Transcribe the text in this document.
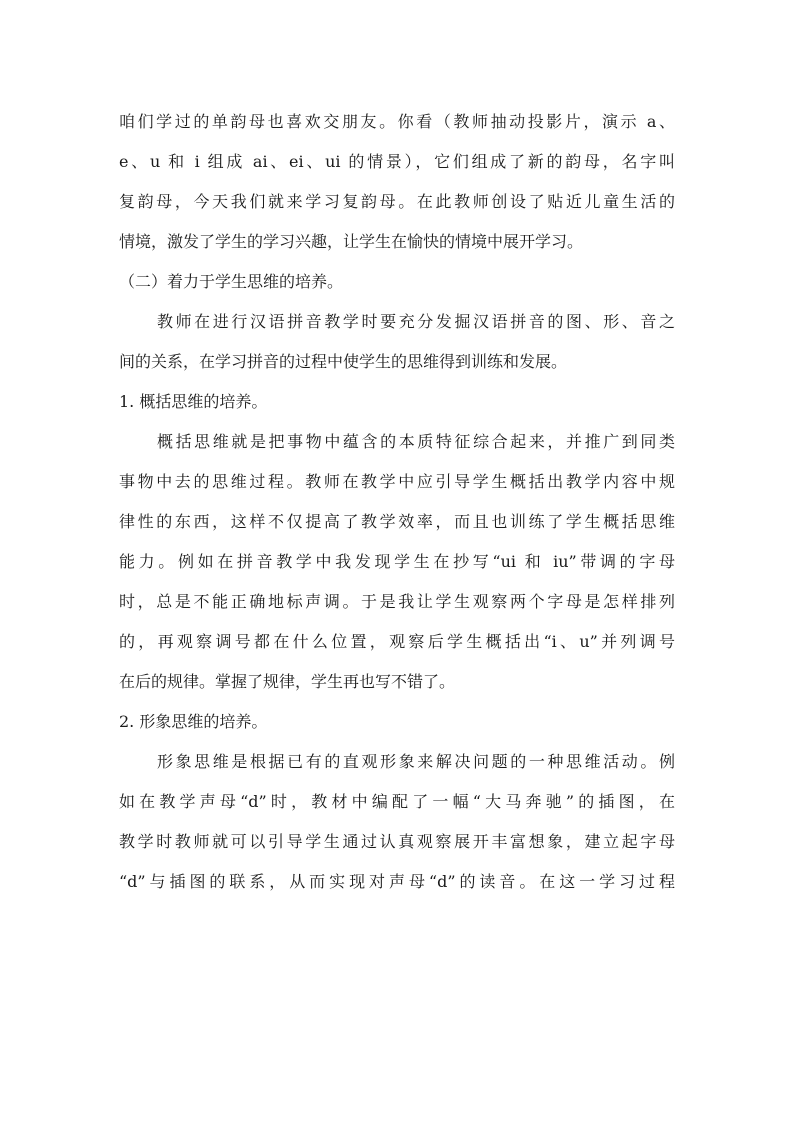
咱们学过的单韵母也喜欢交朋友。你看（教师抽动投影片，演示 a、
e、u 和 i 组成 ai、ei、ui 的情景），它们组成了新的韵母，名字叫
复韵母，今天我们就来学习复韵母。在此教师创设了贴近儿童生活的
情境，激发了学生的学习兴趣，让学生在愉快的情境中展开学习。
（二）着力于学生思维的培养。
教师在进行汉语拼音教学时要充分发掘汉语拼音的图、形、音之
间的关系，在学习拼音的过程中使学生的思维得到训练和发展。
1. 概括思维的培养。
概括思维就是把事物中蕴含的本质特征综合起来，并推广到同类
事物中去的思维过程。教师在教学中应引导学生概括出教学内容中规
律性的东西，这样不仅提高了教学效率，而且也训练了学生概括思维
能力。例如在拼音教学中我发现学生在抄写“ui 和 iu”带调的字母
时，总是不能正确地标声调。于是我让学生观察两个字母是怎样排列
的，再观察调号都在什么位置，观察后学生概括出“i、u”并列调号
在后的规律。掌握了规律，学生再也写不错了。
2. 形象思维的培养。
形象思维是根据已有的直观形象来解决问题的一种思维活动。例
如在教学声母“d”时，教材中编配了一幅“大马奔驰”的插图，在
教学时教师就可以引导学生通过认真观察展开丰富想象，建立起字母
“d”与插图的联系，从而实现对声母“d”的读音。在这一学习过程
